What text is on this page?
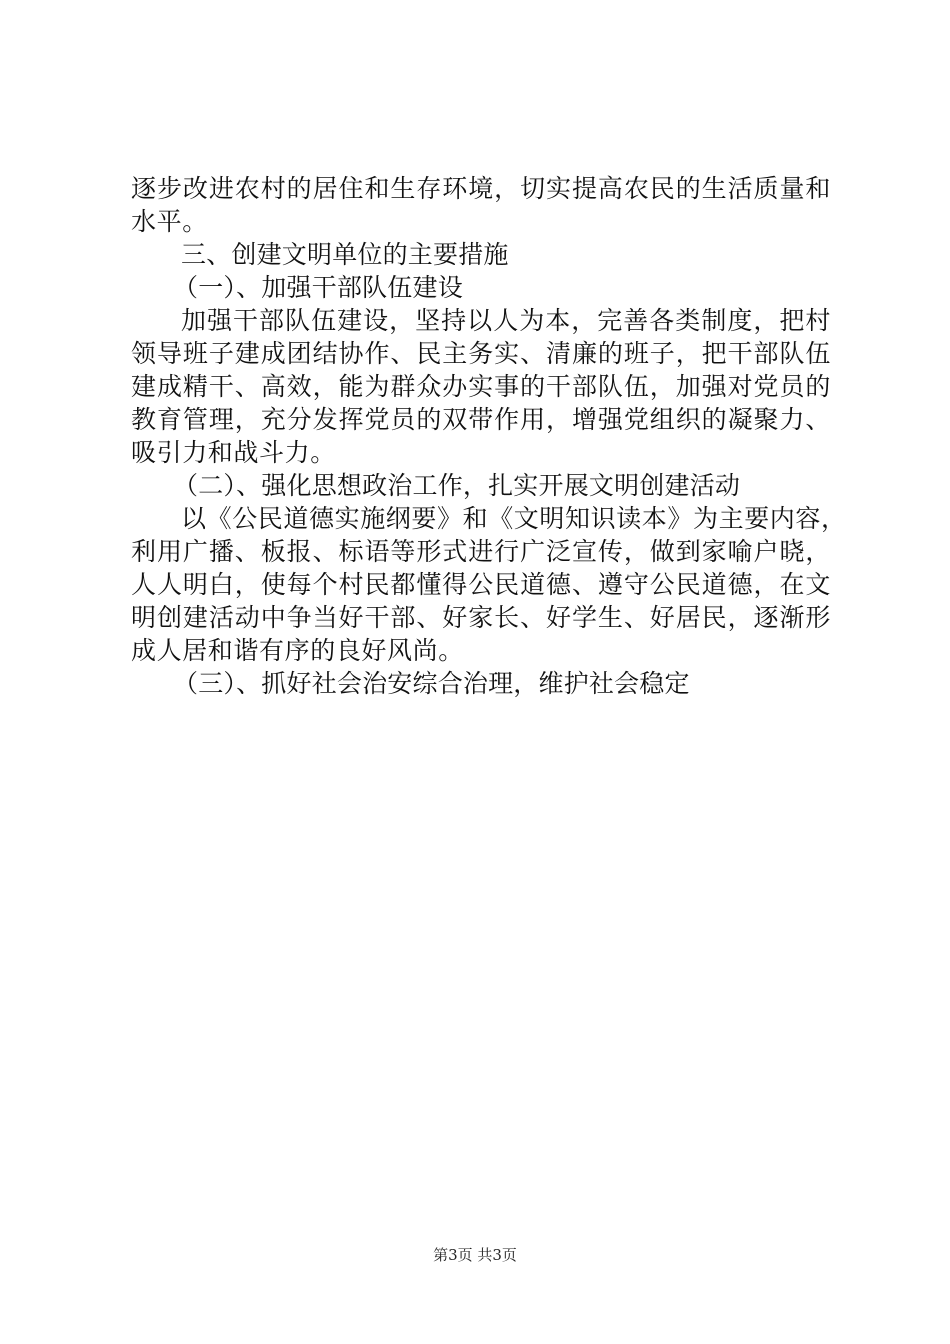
逐步改进农村的居住和生存环境，切实提高农民的生活质量和
水平。
三、创建文明单位的主要措施
（一）、加强干部队伍建设
加强干部队伍建设，坚持以人为本，完善各类制度，把村
领导班子建成团结协作、民主务实、清廉的班子，把干部队伍
建成精干、高效，能为群众办实事的干部队伍，加强对党员的
教育管理，充分发挥党员的双带作用，增强党组织的凝聚力、
吸引力和战斗力。
（二）、强化思想政治工作，扎实开展文明创建活动
以《公民道德实施纲要》和《文明知识读本》为主要内容，
利用广播、板报、标语等形式进行广泛宣传，做到家喻户晓，
人人明白，使每个村民都懂得公民道德、遵守公民道德，在文
明创建活动中争当好干部、好家长、好学生、好居民，逐渐形
成人居和谐有序的良好风尚。
（三）、抓好社会治安综合治理，维护社会稳定
第3页 共3页
